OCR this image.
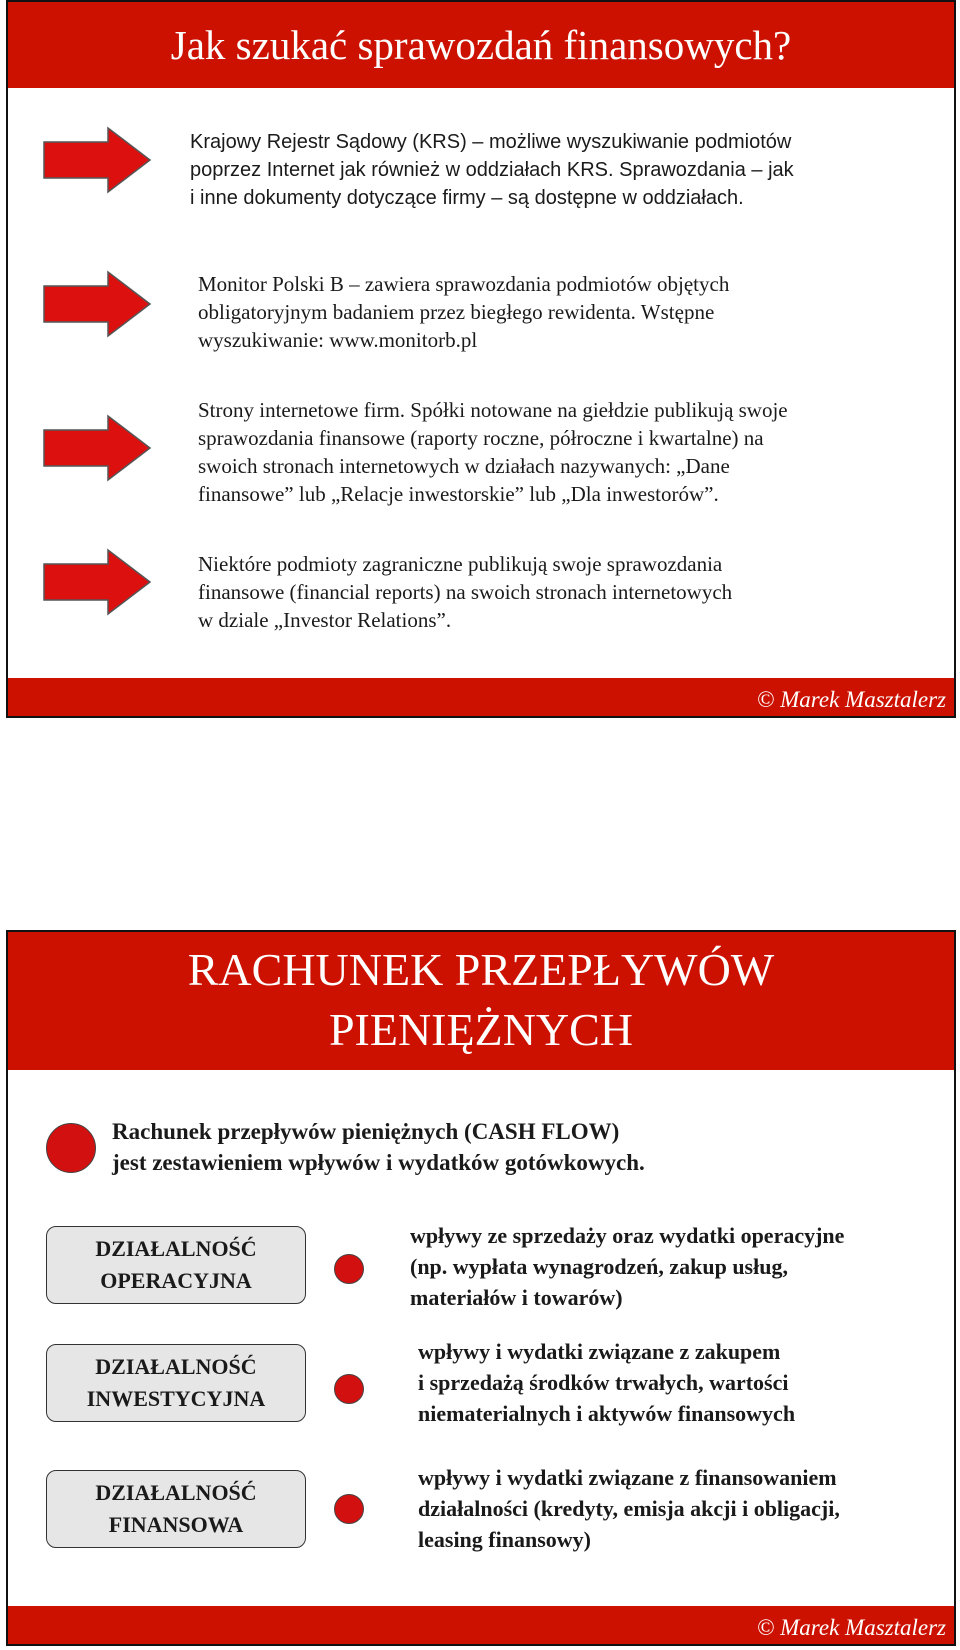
Jak szukać sprawozdań finansowych?
Krajowy Rejestr Sądowy (KRS) – możliwe wyszukiwanie podmiotów
poprzez Internet jak również w oddziałach KRS. Sprawozdania – jak
i inne dokumenty dotyczące firmy – są dostępne w oddziałach.
Monitor Polski B – zawiera sprawozdania podmiotów objętych
obligatoryjnym badaniem przez biegłego rewidenta. Wstępne
wyszukiwanie: www.monitorb.pl
Strony internetowe firm. Spółki notowane na giełdzie publikują swoje
sprawozdania finansowe (raporty roczne, półroczne i kwartalne) na
swoich stronach internetowych w działach nazywanych: „Dane
finansowe” lub „Relacje inwestorskie” lub „Dla inwestorów”.
Niektóre podmioty zagraniczne publikują swoje sprawozdania
finansowe (financial reports) na swoich stronach internetowych
w dziale „Investor Relations”.
© Marek Masztalerz
RACHUNEK PRZEPŁYWÓW
PIENIĘŻNYCH
DZIAŁALNOŚĆ
OPERACYJNA
DZIAŁALNOŚĆ
INWESTYCYJNA
DZIAŁALNOŚĆ
FINANSOWA
wpływy ze sprzedaży oraz wydatki operacyjne
(np. wypłata wynagrodzeń, zakup usług,
materiałów i towarów)
wpływy i wydatki związane z zakupem
i sprzedażą środków trwałych, wartości
niematerialnych i aktywów finansowych
wpływy i wydatki związane z finansowaniem
działalności (kredyty, emisja akcji i obligacji,
leasing finansowy)
© Marek Masztalerz
Rachunek przepływów pieniężnych (CASH FLOW)
jest zestawieniem wpływów i wydatków gotówkowych.
